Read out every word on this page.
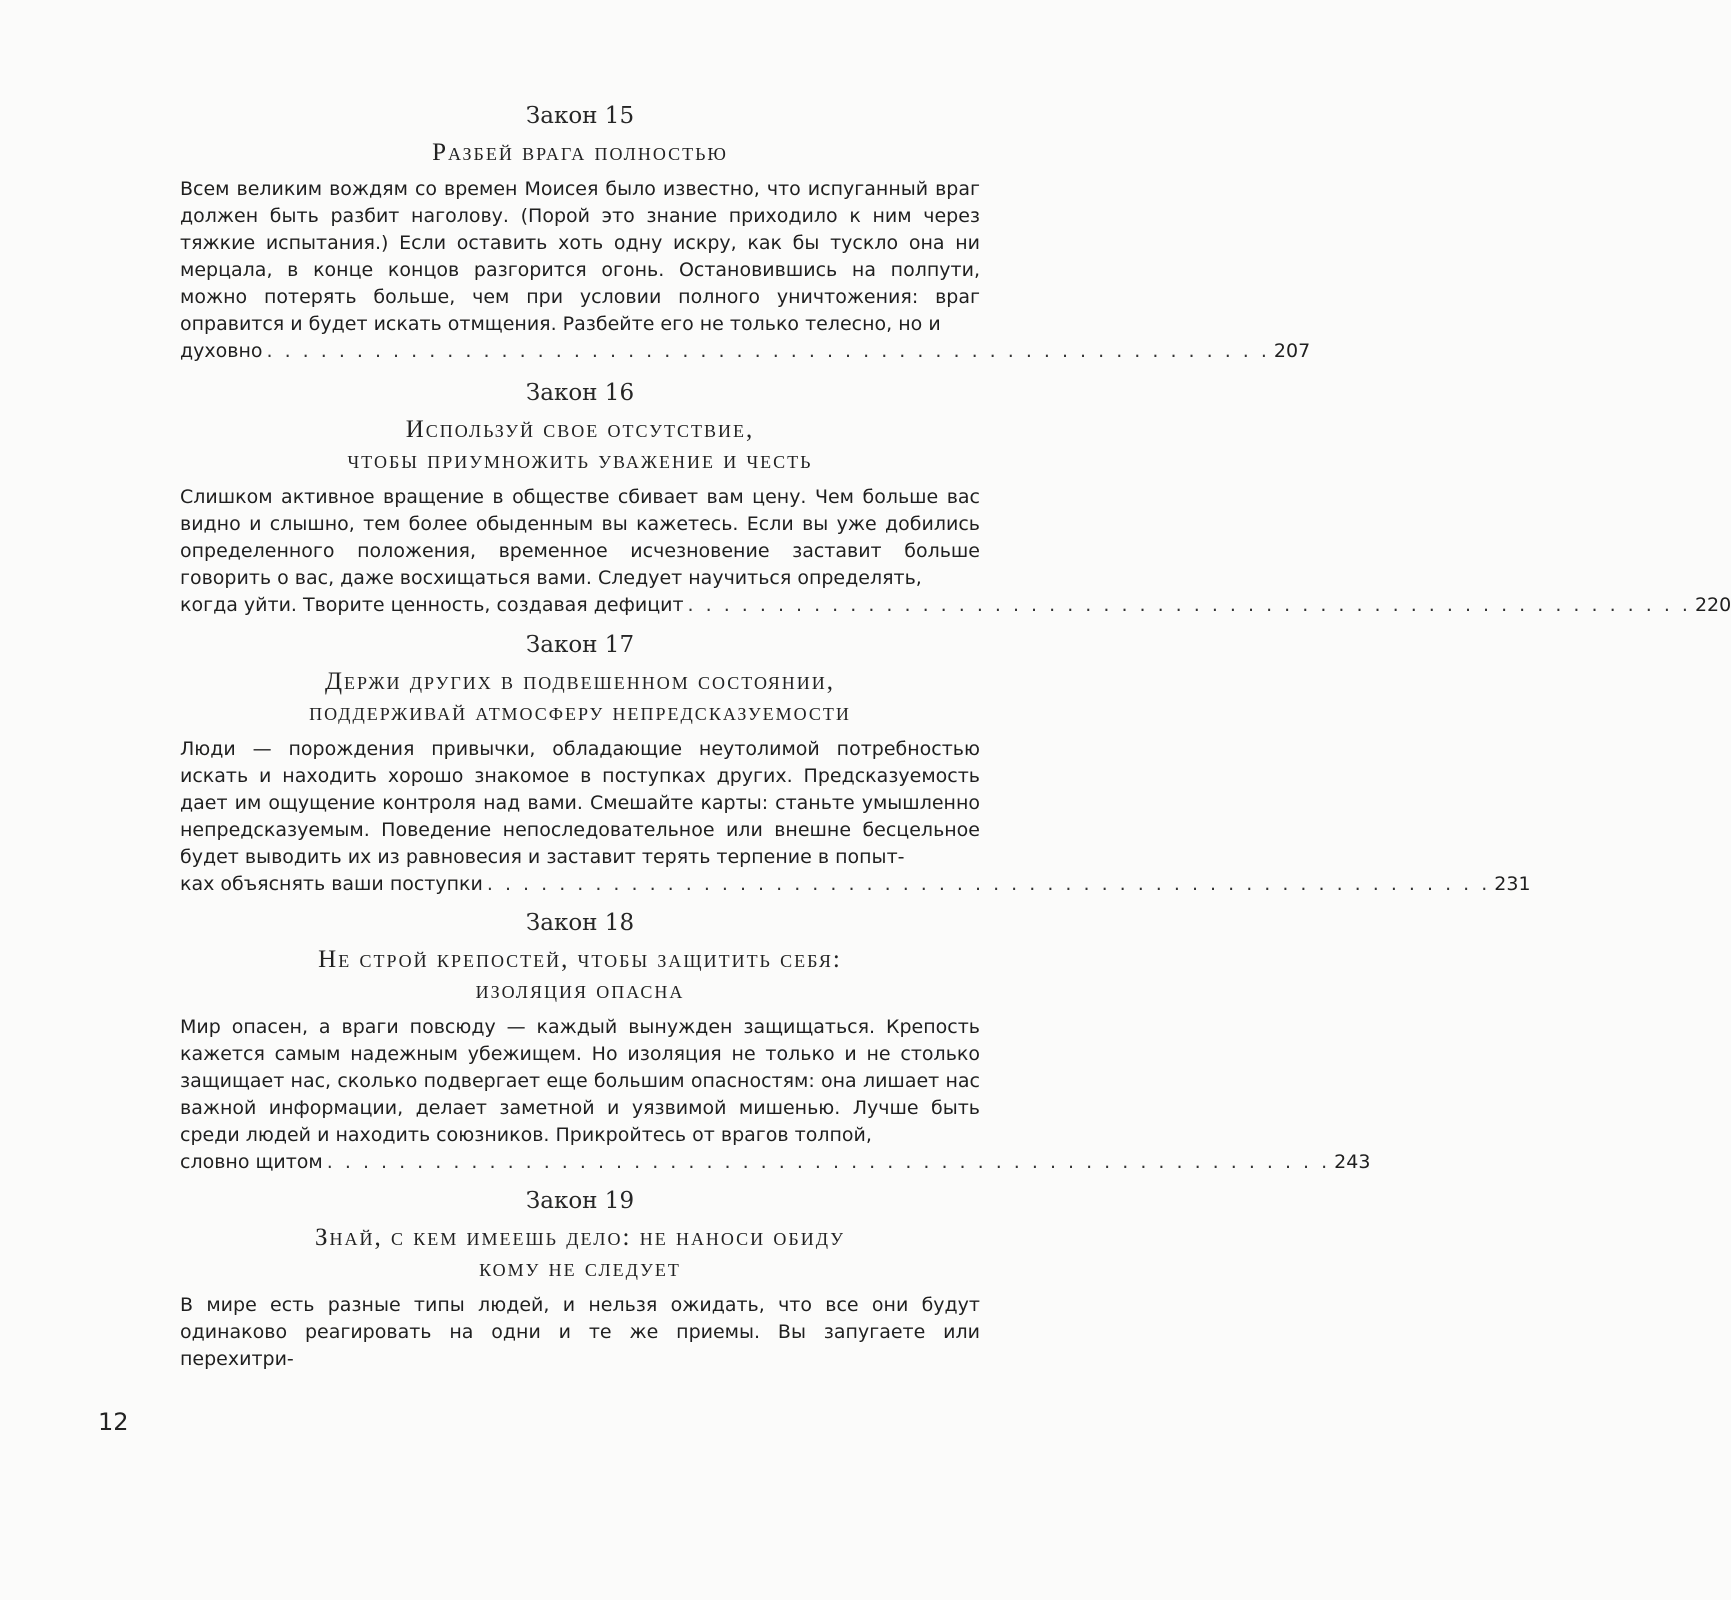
Закон 15
Разбей врага полностью

Всем великим вождям со времен Моисея было известно, что испуганный враг должен быть разбит наголову. (Порой это знание приходило к ним через тяжкие испытания.) Если оставить хоть одну искру, как бы тускло она ни мерцала, в конце концов разгорится огонь. Остановившись на полпути, можно потерять больше, чем при условии полного уничтожения: враг оправится и будет искать отмщения. Разбейте его не только телесно, но и

духовно . . . . . . . . . . . . . . . . . . . . . . . . . . . . . . . . . . . . . . . . . . . . . . . . . . . . . . . . 207
Закон 16
Используй свое отсутствие,
чтобы приумножить уважение и честь

Слишком активное вращение в обществе сбивает вам цену. Чем больше вас видно и слышно, тем более обыденным вы кажетесь. Если вы уже добились определенного положения, временное исчезновение заставит больше говорить о вас, даже восхищаться вами. Следует научиться определять,

когда уйти. Творите ценность, создавая дефицит . . . . . . . . . . . . . . . . . . . . . . . . . . . . . . . . . . . . . . . . . . . . . . . . . . . . . . . . 220
Закон 17
Держи других в подвешенном состоянии,
поддерживай атмосферу непредсказуемости

Люди — порождения привычки, обладающие неутолимой потребностью искать и находить хорошо знакомое в поступках других. Предсказуемость дает им ощущение контроля над вами. Смешайте карты: станьте умышленно непредсказуемым. Поведение непоследовательное или внешне бесцельное будет выводить их из равновесия и заставит терять терпение в попыт-

ках объяснять ваши поступки . . . . . . . . . . . . . . . . . . . . . . . . . . . . . . . . . . . . . . . . . . . . . . . . . . . . . . . . 231
Закон 18
Не строй крепостей, чтобы защитить себя:
изоляция опасна

Мир опасен, а враги повсюду — каждый вынужден защищаться. Крепость кажется самым надежным убежищем. Но изоляция не только и не столько защищает нас, сколько подвергает еще большим опасностям: она лишает нас важной информации, делает заметной и уязвимой мишенью. Лучше быть среди людей и находить союзников. Прикройтесь от врагов толпой,

словно щитом . . . . . . . . . . . . . . . . . . . . . . . . . . . . . . . . . . . . . . . . . . . . . . . . . . . . . . . . 243
Закон 19
Знай, с кем имеешь дело: не наноси обиду
кому не следует

В мире есть разные типы людей, и нельзя ожидать, что все они будут одинаково реагировать на одни и те же приемы. Вы запугаете или перехитри-

12
